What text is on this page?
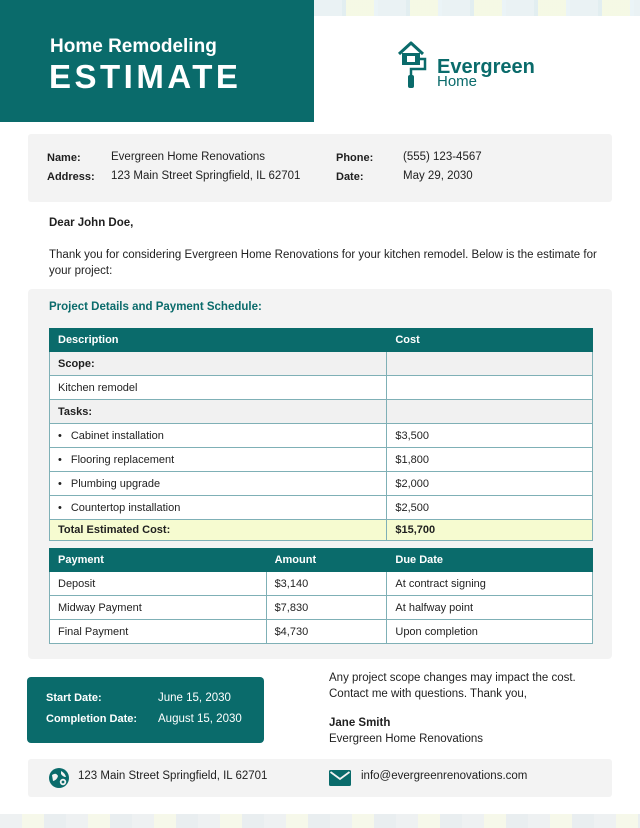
Home Remodeling
ESTIMATE	Evergreen
Home
Name:	Evergreen Home Renovations
Address: 123 Main Street Springfield, IL 62701
Phone:	(555) 123-4567
Date:	May 29, 2030
Dear John Doe,
Thank you for considering Evergreen Home Renovations for your kitchen remodel. Below is the estimate for your project:
Project Details and Payment Schedule:
Description	Cost
Scope:	
Kitchen remodel	
Tasks:	
• Cabinet installation	$3,500
• Flooring replacement	$1,800
• Plumbing upgrade	$2,000
• Countertop installation	$2,500
Total Estimated Cost:	$15,700
Payment	Amount	Due Date
Deposit	$3,140	At contract signing
Midway Payment	$7,830	At halfway point
Final Payment	$4,730	Upon completion
Start Date:	June 15, 2030
Completion Date: August 15, 2030
Any project scope changes may impact the cost. Contact me with questions. Thank you,
Jane Smith
Evergreen Home Renovations
123 Main Street Springfield, IL 62701	info@evergreenrenovations.com
